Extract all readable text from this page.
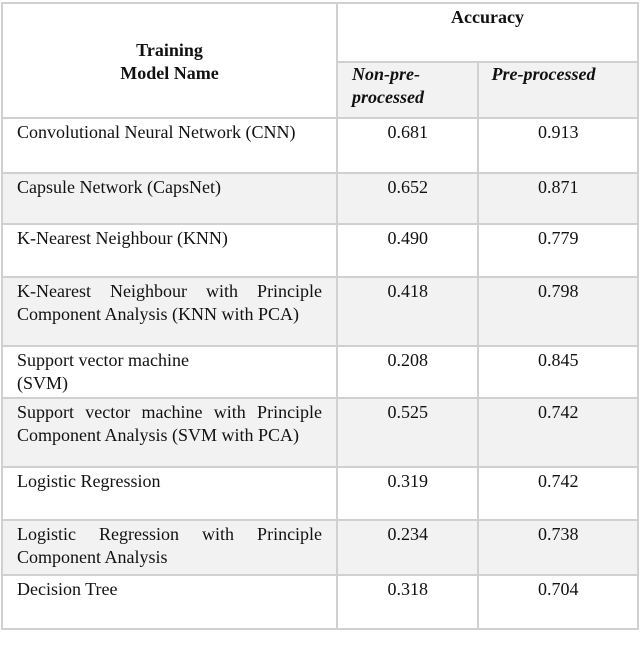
Training
Model Name	Accuracy
Non-pre-
processed	Pre-processed
Convolutional Neural Network (CNN)	0.681	0.913
Capsule Network (CapsNet)	0.652	0.871
K-Nearest Neighbour (KNN)	0.490	0.779
K-Nearest Neighbour with Principle Component Analysis (KNN with PCA)	0.418	0.798
Support vector machine
(SVM)	0.208	0.845
Support vector machine with Principle Component Analysis (SVM with PCA)	0.525	0.742
Logistic Regression	0.319	0.742
Logistic Regression with Principle Component Analysis	0.234	0.738
Decision Tree	0.318	0.704
